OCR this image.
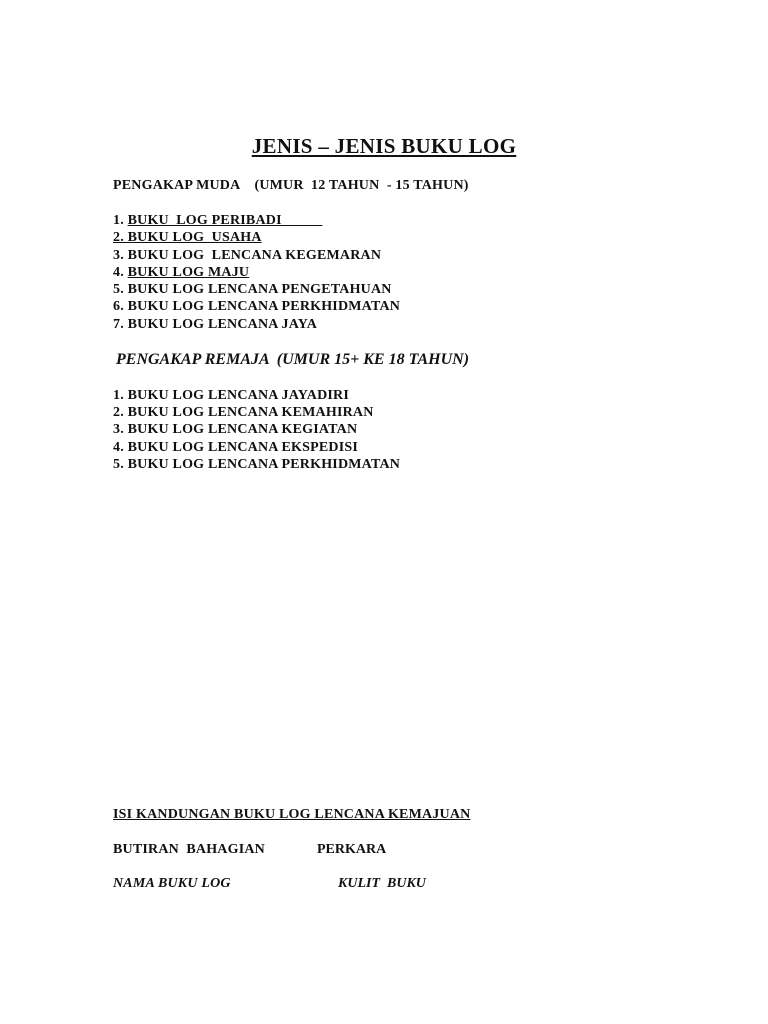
JENIS – JENIS BUKU LOG

PENGAKAP MUDA    (UMUR  12 TAHUN  - 15 TAHUN)

1. BUKU  LOG PERIBADI

2. BUKU LOG  USAHA

3. BUKU LOG  LENCANA KEGEMARAN

4. BUKU LOG MAJU

5. BUKU LOG LENCANA PENGETAHUAN

6. BUKU LOG LENCANA PERKHIDMATAN

7. BUKU LOG LENCANA JAYA

PENGAKAP REMAJA  (UMUR 15+ KE 18 TAHUN)

1. BUKU LOG LENCANA JAYADIRI

2. BUKU LOG LENCANA KEMAHIRAN

3. BUKU LOG LENCANA KEGIATAN

4. BUKU LOG LENCANA EKSPEDISI

5. BUKU LOG LENCANA PERKHIDMATAN

ISI KANDUNGAN BUKU LOG LENCANA KEMAJUAN

BUTIRAN  BAHAGIAN	PERKARA

NAMA BUKU LOG	KULIT  BUKU
